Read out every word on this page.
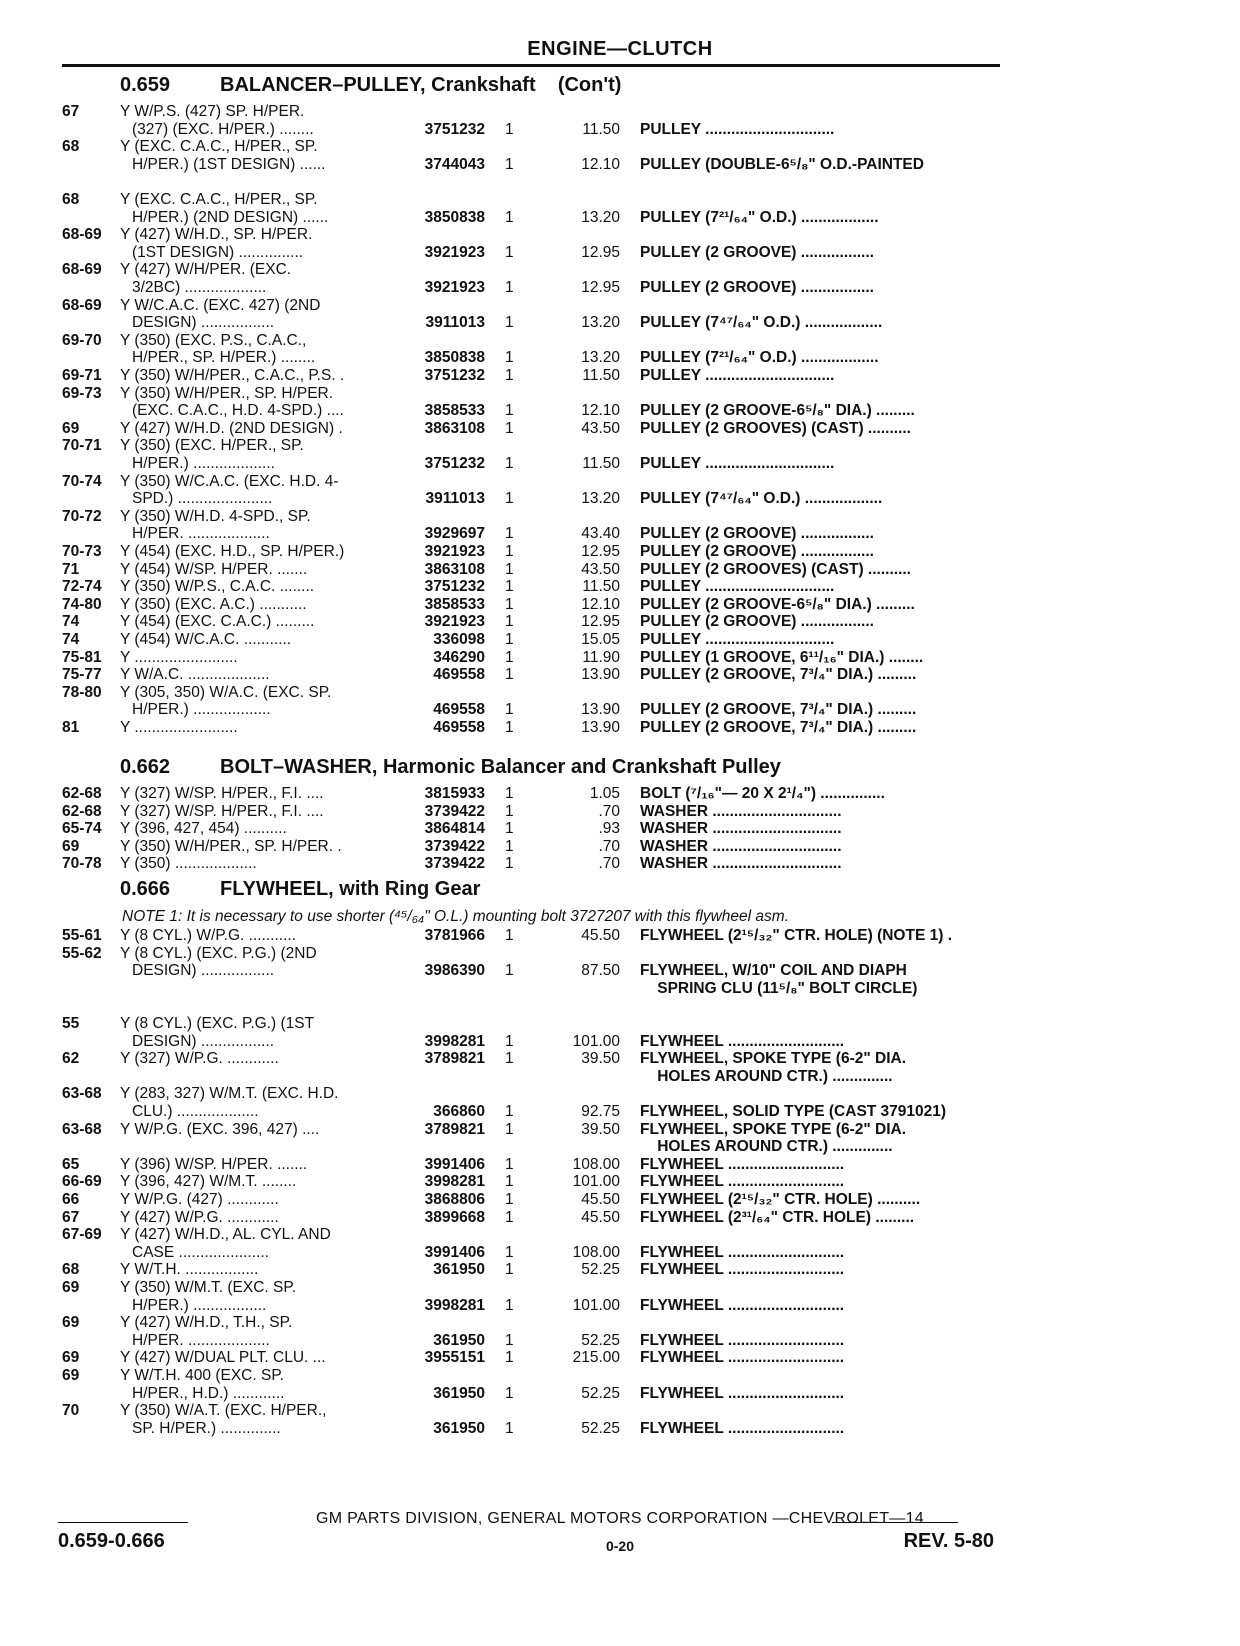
ENGINE—CLUTCH
0.659 BALANCER–PULLEY, Crankshaft    (Con't)
67	Y W/P.S. (427) SP. H/PER.
(327) (EXC. H/PER.) ........	3751232 1	11.50 PULLEY ..............................
68	Y (EXC. C.A.C., H/PER., SP.
H/PER.) (1ST DESIGN) ......	3744043 1	12.10 PULLEY (DOUBLE-6⁵/₈" O.D.-PAINTED
68	Y (EXC. C.A.C., H/PER., SP.
H/PER.) (2ND DESIGN) ......	3850838 1	13.20 PULLEY (7²¹/₆₄" O.D.) ..................
68-69 Y (427) W/H.D., SP. H/PER.
(1ST DESIGN) ...............	3921923 1	12.95 PULLEY (2 GROOVE) .................
68-69 Y (427) W/H/PER. (EXC.
3/2BC) ...................	3921923 1	12.95 PULLEY (2 GROOVE) .................
68-69 Y W/C.A.C. (EXC. 427) (2ND
DESIGN) .................	3911013 1	13.20 PULLEY (7⁴⁷/₆₄" O.D.) ..................
69-70 Y (350) (EXC. P.S., C.A.C.,
H/PER., SP. H/PER.) ........	3850838 1	13.20 PULLEY (7²¹/₆₄" O.D.) ..................
69-71 Y (350) W/H/PER., C.A.C., P.S. .	3751232 1	11.50 PULLEY ..............................
69-73 Y (350) W/H/PER., SP. H/PER.
(EXC. C.A.C., H.D. 4-SPD.) ....	3858533 1	12.10 PULLEY (2 GROOVE-6⁵/₈" DIA.) .........
69	Y (427) W/H.D. (2ND DESIGN) .	3863108 1	43.50 PULLEY (2 GROOVES) (CAST) ..........
70-71 Y (350) (EXC. H/PER., SP.
H/PER.) ...................	3751232 1	11.50 PULLEY ..............................
70-74 Y (350) W/C.A.C. (EXC. H.D. 4-
SPD.) ......................	3911013 1	13.20 PULLEY (7⁴⁷/₆₄" O.D.) ..................
70-72 Y (350) W/H.D. 4-SPD., SP.
H/PER. ...................	3929697 1	43.40 PULLEY (2 GROOVE) .................
70-73 Y (454) (EXC. H.D., SP. H/PER.)	3921923 1	12.95 PULLEY (2 GROOVE) .................
71	Y (454) W/SP. H/PER. .......	3863108 1	43.50 PULLEY (2 GROOVES) (CAST) ..........
72-74 Y (350) W/P.S., C.A.C. ........	3751232 1	11.50 PULLEY ..............................
74-80 Y (350) (EXC. A.C.) ...........	3858533 1	12.10 PULLEY (2 GROOVE-6⁵/₈" DIA.) .........
74	Y (454) (EXC. C.A.C.) .........	3921923 1	12.95 PULLEY (2 GROOVE) .................
74	Y (454) W/C.A.C. ...........	336098 1	15.05 PULLEY ..............................
75-81 Y ........................	346290 1	11.90 PULLEY (1 GROOVE, 6¹¹/₁₆" DIA.) ........
75-77 Y W/A.C. ...................	469558 1	13.90 PULLEY (2 GROOVE, 7³/₄" DIA.) .........
78-80 Y (305, 350) W/A.C. (EXC. SP.
H/PER.) ..................	469558 1	13.90 PULLEY (2 GROOVE, 7³/₄" DIA.) .........
81	Y ........................	469558 1	13.90 PULLEY (2 GROOVE, 7³/₄" DIA.) .........
0.662 BOLT–WASHER, Harmonic Balancer and Crankshaft Pulley
62-68 Y (327) W/SP. H/PER., F.I. ....	3815933 1	1.05 BOLT (⁷/₁₆"— 20 X 2¹/₄") ...............
62-68 Y (327) W/SP. H/PER., F.I. ....	3739422 1	.70 WASHER ..............................
65-74 Y (396, 427, 454) ..........	3864814 1	.93 WASHER ..............................
69	Y (350) W/H/PER., SP. H/PER. .	3739422 1	.70 WASHER ..............................
70-78 Y (350) ...................	3739422 1	.70 WASHER ..............................
0.666 FLYWHEEL, with Ring Gear
NOTE 1: It is necessary to use shorter (⁴⁵/₆₄" O.L.) mounting bolt 3727207 with this flywheel asm.
55-61 Y (8 CYL.) W/P.G. ...........	3781966 1	45.50 FLYWHEEL (2¹⁵/₃₂" CTR. HOLE) (NOTE 1) .
55-62 Y (8 CYL.) (EXC. P.G.) (2ND
DESIGN) .................	3986390 1	87.50 FLYWHEEL, W/10" COIL AND DIAPH
SPRING CLU (11⁵/₈" BOLT CIRCLE)
55	Y (8 CYL.) (EXC. P.G.) (1ST
DESIGN) .................	3998281 1	101.00 FLYWHEEL ...........................
62	Y (327) W/P.G. ............	3789821 1	39.50 FLYWHEEL, SPOKE TYPE (6-2" DIA.
HOLES AROUND CTR.) ..............
63-68 Y (283, 327) W/M.T. (EXC. H.D.
CLU.) ...................	366860 1	92.75 FLYWHEEL, SOLID TYPE (CAST 3791021)
63-68 Y W/P.G. (EXC. 396, 427) ....	3789821 1	39.50 FLYWHEEL, SPOKE TYPE (6-2" DIA.
HOLES AROUND CTR.) ..............
65	Y (396) W/SP. H/PER. .......	3991406 1	108.00 FLYWHEEL ...........................
66-69 Y (396, 427) W/M.T. ........	3998281 1	101.00 FLYWHEEL ...........................
66	Y W/P.G. (427) ............	3868806 1	45.50 FLYWHEEL (2¹⁵/₃₂" CTR. HOLE) ..........
67	Y (427) W/P.G. ............	3899668 1	45.50 FLYWHEEL (2³¹/₆₄" CTR. HOLE) .........
67-69 Y (427) W/H.D., AL. CYL. AND
CASE .....................	3991406 1	108.00 FLYWHEEL ...........................
68	Y W/T.H. .................	361950 1	52.25 FLYWHEEL ...........................
69	Y (350) W/M.T. (EXC. SP.
H/PER.) .................	3998281 1	101.00 FLYWHEEL ...........................
69	Y (427) W/H.D., T.H., SP.
H/PER. ...................	361950 1	52.25 FLYWHEEL ...........................
69	Y (427) W/DUAL PLT. CLU. ...	3955151 1	215.00 FLYWHEEL ...........................
69	Y W/T.H. 400 (EXC. SP.
H/PER., H.D.) ............	361950 1	52.25 FLYWHEEL ...........................
70	Y (350) W/A.T. (EXC. H/PER.,
SP. H/PER.) ..............	361950 1	52.25 FLYWHEEL ...........................
GM PARTS DIVISION, GENERAL MOTORS CORPORATION —CHEVROLET—14
0.659-0.666	0-20	REV. 5-80
